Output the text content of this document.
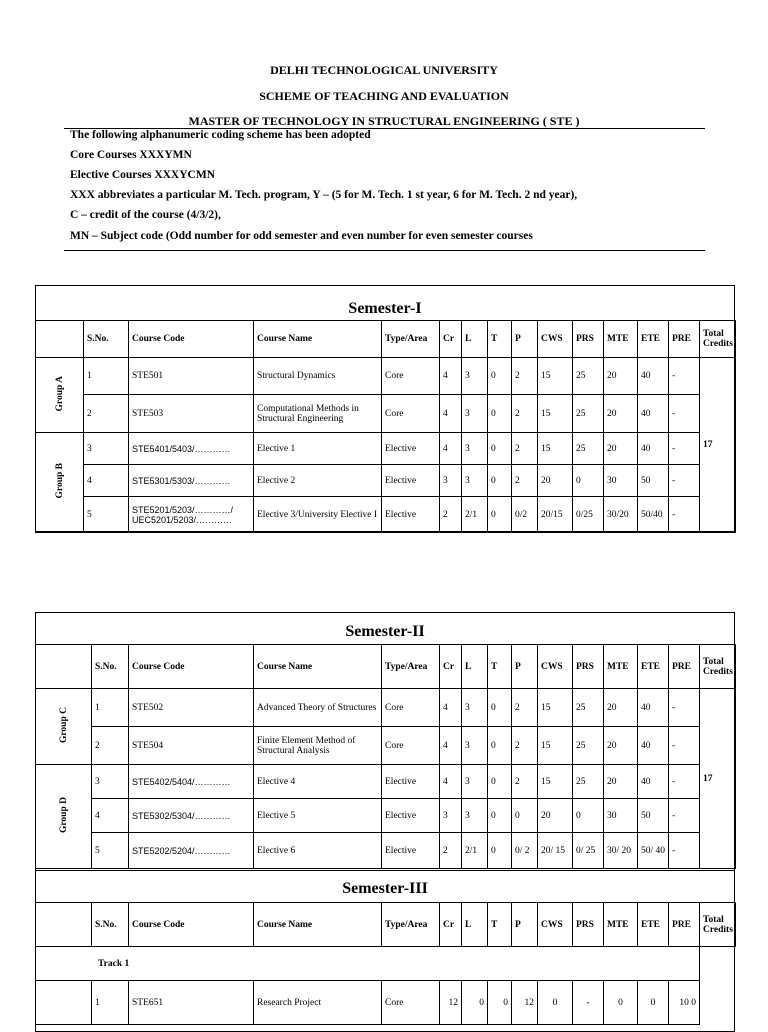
DELHI TECHNOLOGICAL UNIVERSITY
SCHEME OF TEACHING AND EVALUATION
MASTER OF TECHNOLOGY IN STRUCTURAL ENGINEERING ( STE )
The following alphanumeric coding scheme has been adopted
Core Courses XXXYMN
Elective Courses XXXYCMN
XXX abbreviates a particular M. Tech. program, Y – (5 for M. Tech. 1 st year, 6 for M. Tech. 2 nd year),
C – credit of the course (4/3/2),
MN – Subject code (Odd number for odd semester and even number for even semester courses
Semester-I
	S.No.	Course Code	Course Name	Type/Area	Cr	L	T	P	CWS	PRS	MTE	ETE	PRE	Total Credits
Group A	1	STE501	Structural Dynamics	Core	4	3	0	2	15	25	20	40	-	17
	2	STE503	Computational Methods in Structural Engineering	Core	4	3	0	2	15	25	20	40	-	
Group B	3	STE5401/5403/…………	Elective 1	Elective	4	3	0	2	15	25	20	40	-	
	4	STE5301/5303/…………	Elective 2	Elective	3	3	0	2	20	0	30	50	-	
	5	STE5201/5203/…………/ UEC5201/5203/…………	Elective 3/University Elective I	Elective	2	2/1	0	0/2	20/15	0/25	30/20	50/40	-	
Semester-II
	S.No.	Course Code	Course Name	Type/Area	Cr	L	T	P	CWS	PRS	MTE	ETE	PRE	Total Credits
Group C	1	STE502	Advanced Theory of Structures	Core	4	3	0	2	15	25	20	40	-	17
	2	STE504	Finite Element Method of Structural Analysis	Core	4	3	0	2	15	25	20	40	-	
Group D	3	STE5402/5404/…………	Elective 4	Elective	4	3	0	2	15	25	20	40	-	
	4	STE5302/5304/…………	Elective 5	Elective	3	3	0	0	20	0	30	50	-	
	5	STE5202/5204/…………	Elective 6	Elective	2	2/1	0	0/ 2	20/ 15	0/ 25	30/ 20	50/ 40	-	
Semester-III
	S.No.	Course Code	Course Name	Type/Area	Cr	L	T	P	CWS	PRS	MTE	ETE	PRE	Total Credits
Track 1														
	1	STE651	Research Project	Core	12	0	0	12	0	-	0	0	10 0	
